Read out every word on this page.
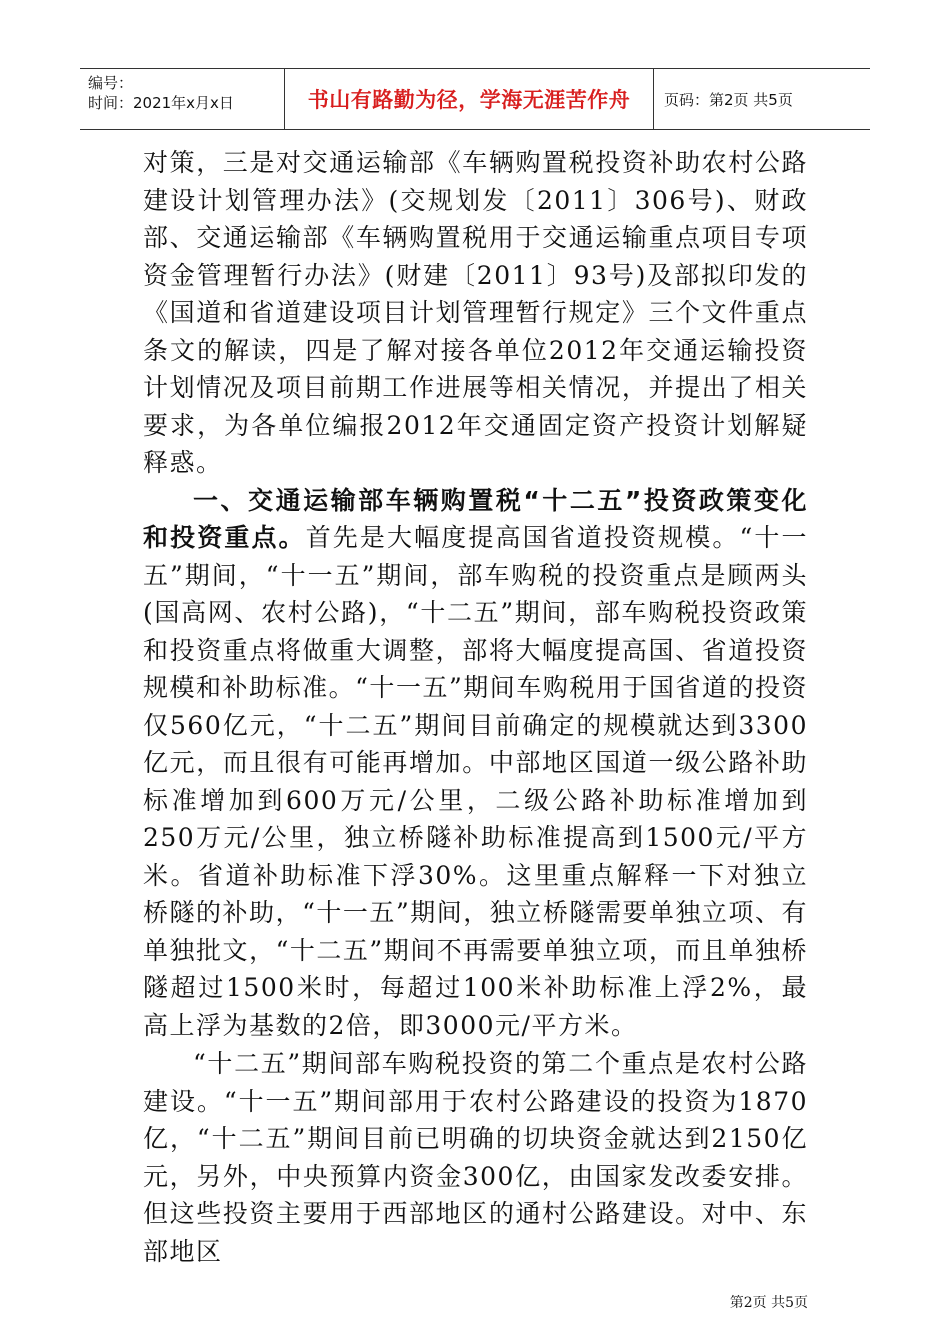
编号：
时间：2021年x月x日	书山有路勤为径，学海无涯苦作舟	页码：第2页 共5页

对策，三是对交通运输部《车辆购置税投资补助农村公路建设计划管理办法》(交规划发〔2011〕306号)、财政部、交通运输部《车辆购置税用于交通运输重点项目专项资金管理暂行办法》(财建〔2011〕93号)及部拟印发的《国道和省道建设项目计划管理暂行规定》三个文件重点条文的解读，四是了解对接各单位2012年交通运输投资计划情况及项目前期工作进展等相关情况，并提出了相关要求，为各单位编报2012年交通固定资产投资计划解疑释惑。

一、交通运输部车辆购置税“十二五”投资政策变化和投资重点。首先是大幅度提高国省道投资规模。“十一五”期间，“十一五”期间，部车购税的投资重点是顾两头(国高网、农村公路)，“十二五”期间，部车购税投资政策和投资重点将做重大调整，部将大幅度提高国、省道投资规模和补助标准。“十一五”期间车购税用于国省道的投资仅560亿元，“十二五”期间目前确定的规模就达到3300亿元，而且很有可能再增加。中部地区国道一级公路补助标准增加到600万元/公里，二级公路补助标准增加到250万元/公里，独立桥隧补助标准提高到1500元/平方米。省道补助标准下浮30%。这里重点解释一下对独立桥隧的补助，“十一五”期间，独立桥隧需要单独立项、有单独批文，“十二五”期间不再需要单独立项，而且单独桥隧超过1500米时，每超过100米补助标准上浮2%，最高上浮为基数的2倍，即3000元/平方米。

“十二五”期间部车购税投资的第二个重点是农村公路建设。“十一五”期间部用于农村公路建设的投资为1870亿，“十二五”期间目前已明确的切块资金就达到2150亿元，另外，中央预算内资金300亿，由国家发改委安排。但这些投资主要用于西部地区的通村公路建设。对中、东部地区

第2页 共5页
